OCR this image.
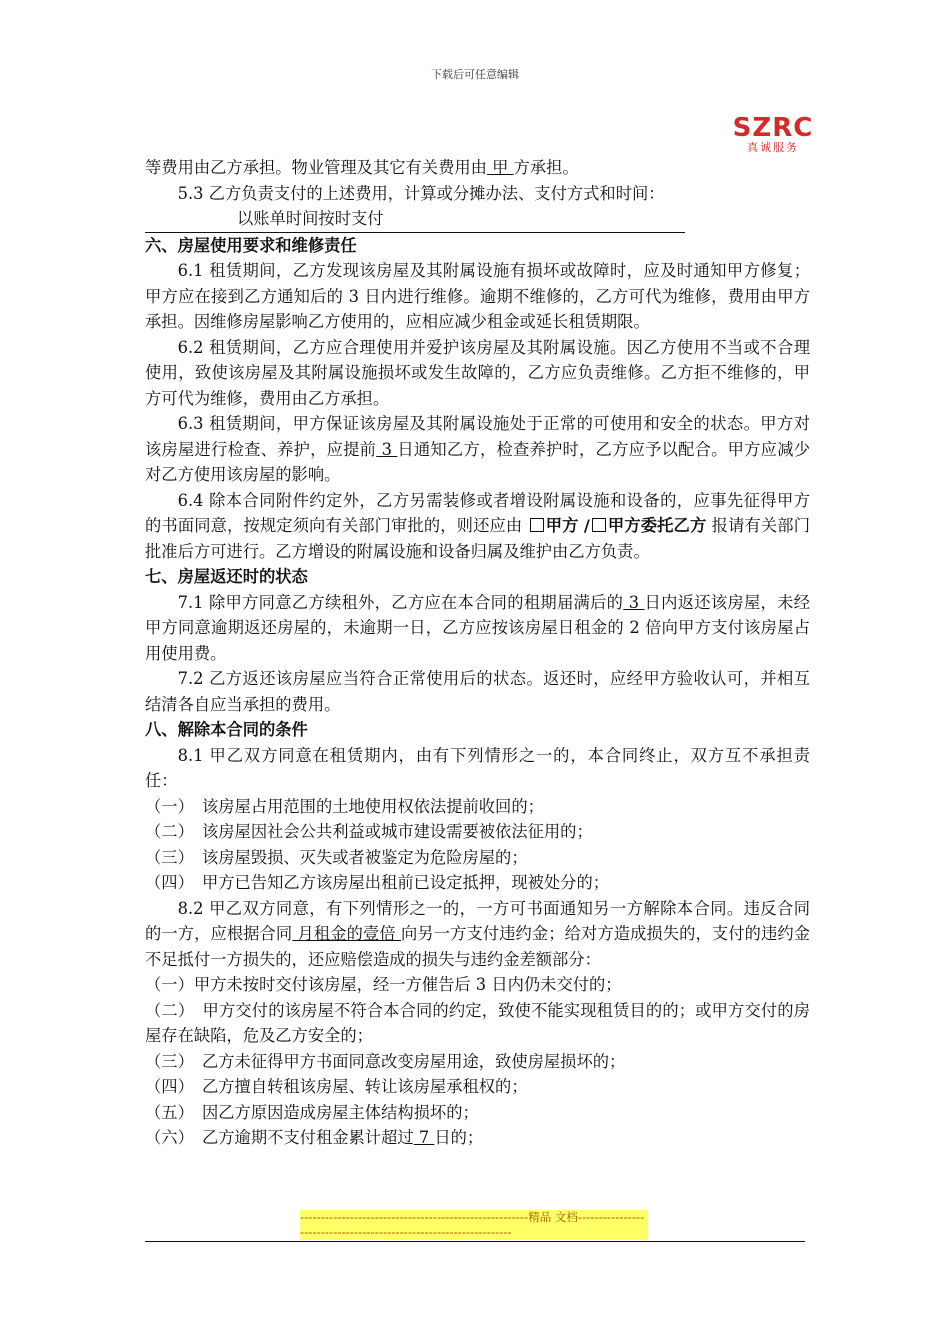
下载后可任意编辑
SZRC
真诚服务

等费用由乙方承担。物业管理及其它有关费用由 甲 方承担。

5.3 乙方负责支付的上述费用，计算或分摊办法、支付方式和时间：

以账单时间按时支付

六、房屋使用要求和维修责任

6.1 租赁期间，乙方发现该房屋及其附属设施有损坏或故障时，应及时通知甲方修复；甲方应在接到乙方通知后的 3 日内进行维修。逾期不维修的，乙方可代为维修，费用由甲方承担。因维修房屋影响乙方使用的，应相应减少租金或延长租赁期限。

6.2 租赁期间，乙方应合理使用并爱护该房屋及其附属设施。因乙方使用不当或不合理使用，致使该房屋及其附属设施损坏或发生故障的，乙方应负责维修。乙方拒不维修的，甲方可代为维修，费用由乙方承担。

6.3 租赁期间，甲方保证该房屋及其附属设施处于正常的可使用和安全的状态。甲方对该房屋进行检查、养护，应提前 3 日通知乙方，检查养护时，乙方应予以配合。甲方应减少对乙方使用该房屋的影响。

6.4 除本合同附件约定外，乙方另需装修或者增设附属设施和设备的，应事先征得甲方的书面同意，按规定须向有关部门审批的，则还应由 甲方 / 甲方委托乙方 报请有关部门批准后方可进行。乙方增设的附属设施和设备归属及维护由乙方负责。

七、房屋返还时的状态

7.1 除甲方同意乙方续租外，乙方应在本合同的租期届满后的 3 日内返还该房屋，未经甲方同意逾期返还房屋的，未逾期一日，乙方应按该房屋日租金的 2 倍向甲方支付该房屋占用使用费。

7.2 乙方返还该房屋应当符合正常使用后的状态。返还时，应经甲方验收认可，并相互结清各自应当承担的费用。

八、解除本合同的条件

8.1 甲乙双方同意在租赁期内，由有下列情形之一的，本合同终止，双方互不承担责任：

（一）　该房屋占用范围的土地使用权依法提前收回的；

（二）　该房屋因社会公共利益或城市建设需要被依法征用的；

（三）　该房屋毁损、灭失或者被鉴定为危险房屋的；

（四）　甲方已告知乙方该房屋出租前已设定抵押，现被处分的；

8.2 甲乙双方同意，有下列情形之一的，一方可书面通知另一方解除本合同。违反合同的一方，应根据合同 月租金的壹倍 向另一方支付违约金；给对方造成损失的，支付的违约金不足抵付一方损失的，还应赔偿造成的损失与违约金差额部分：

（一）甲方未按时交付该房屋，经一方催告后 3 日内仍未交付的；

（二）　甲方交付的该房屋不符合本合同的约定，致使不能实现租赁目的的；或甲方交付的房屋存在缺陷，危及乙方安全的；

（三）　乙方未征得甲方书面同意改变房屋用途，致使房屋损坏的；

（四）　乙方擅自转租该房屋、转让该房屋承租权的；

（五）　因乙方原因造成房屋主体结构损坏的；

（六）　乙方逾期不支付租金累计超过 7 日的；

-------------------------------------------------------精品 文档-------------------------------------------------------------------
